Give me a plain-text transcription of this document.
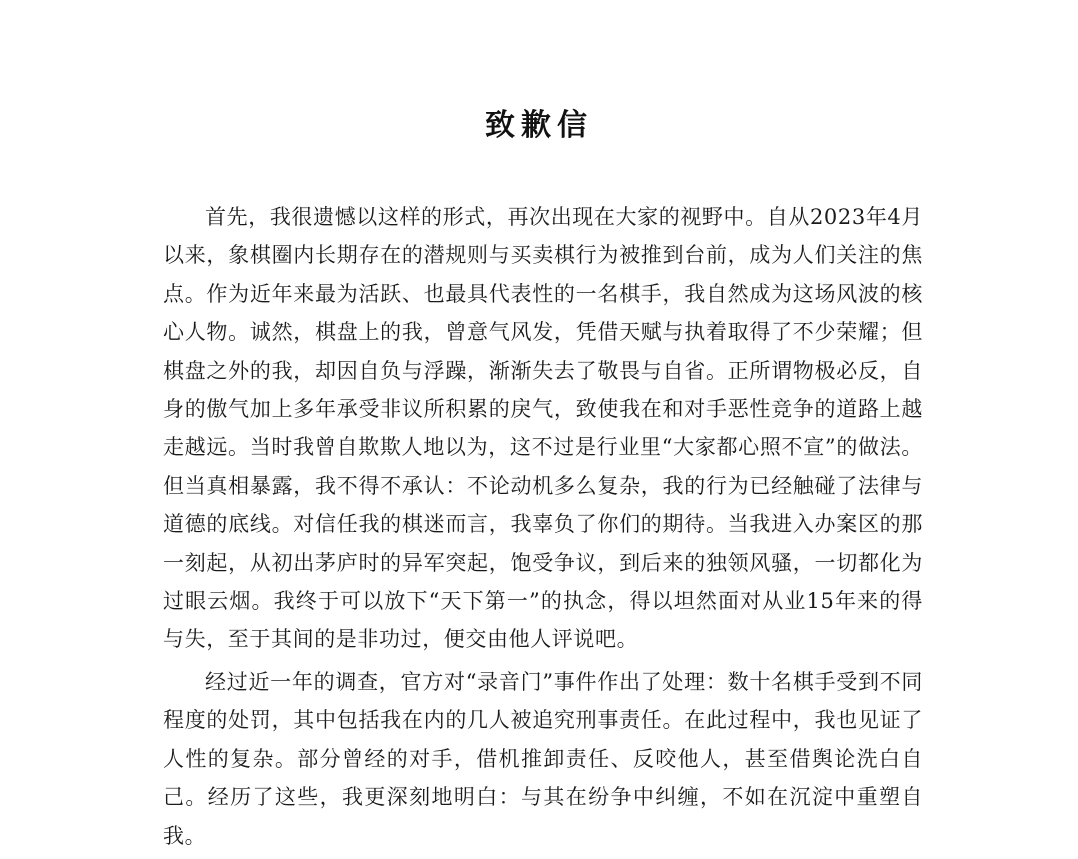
致歉信

首先，我很遗憾以这样的形式，再次出现在大家的视野中。自从2023年4月以来，象棋圈内长期存在的潜规则与买卖棋行为被推到台前，成为人们关注的焦点。作为近年来最为活跃、也最具代表性的一名棋手，我自然成为这场风波的核心人物。诚然，棋盘上的我，曾意气风发，凭借天赋与执着取得了不少荣耀；但棋盘之外的我，却因自负与浮躁，渐渐失去了敬畏与自省。正所谓物极必反，自身的傲气加上多年承受非议所积累的戾气，致使我在和对手恶性竞争的道路上越走越远。当时我曾自欺欺人地以为，这不过是行业里“大家都心照不宣”的做法。但当真相暴露，我不得不承认：不论动机多么复杂，我的行为已经触碰了法律与道德的底线。对信任我的棋迷而言，我辜负了你们的期待。当我进入办案区的那一刻起，从初出茅庐时的异军突起，饱受争议，到后来的独领风骚，一切都化为过眼云烟。我终于可以放下“天下第一”的执念，得以坦然面对从业15年来的得与失，至于其间的是非功过，便交由他人评说吧。

经过近一年的调查，官方对“录音门”事件作出了处理：数十名棋手受到不同程度的处罚，其中包括我在内的几人被追究刑事责任。在此过程中，我也见证了人性的复杂。部分曾经的对手，借机推卸责任、反咬他人，甚至借舆论洗白自己。经历了这些，我更深刻地明白：与其在纷争中纠缠，不如在沉淀中重塑自我。
